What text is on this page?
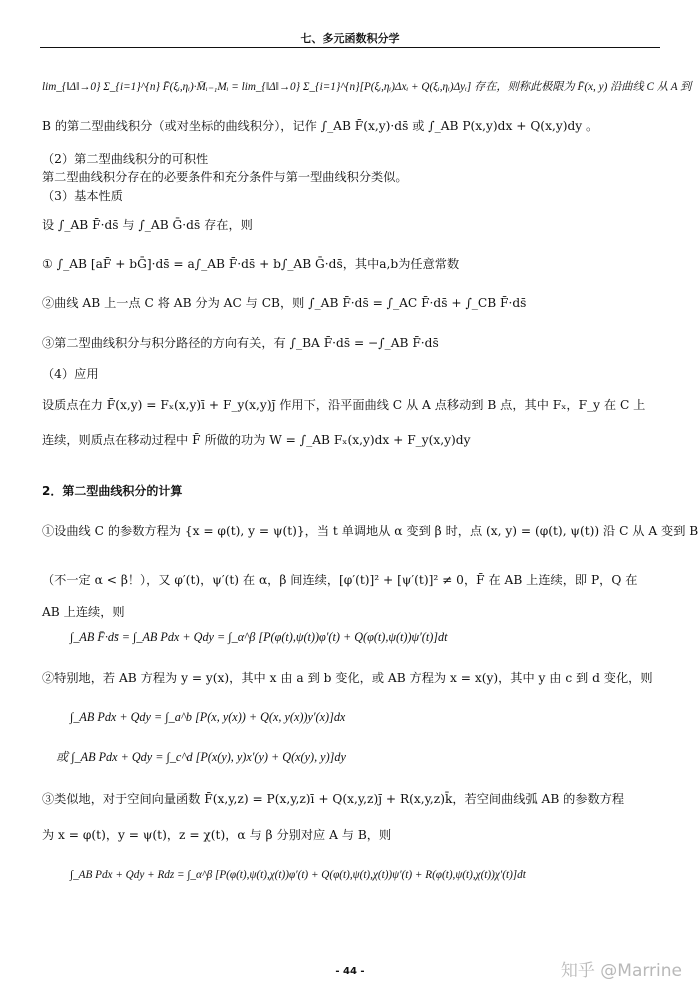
七、多元函数积分学
lim_{‖Δ‖→0} Σ_{i=1}^{n} F̄(ξᵢ,ηᵢ)·M̄ᵢ₋₁Mᵢ = lim_{‖Δ‖→0} Σ_{i=1}^{n}[P(ξᵢ,ηᵢ)Δxᵢ + Q(ξᵢ,ηᵢ)Δyᵢ] 存在，则称此极限为 F̄(x, y) 沿曲线 C 从 A 到
B 的第二型曲线积分（或对坐标的曲线积分），记作 ∫_AB F̄(x,y)·ds̄ 或 ∫_AB P(x,y)dx + Q(x,y)dy 。
（2）第二型曲线积分的可积性
第二型曲线积分存在的必要条件和充分条件与第一型曲线积分类似。
（3）基本性质
设 ∫_AB F̄·ds̄ 与 ∫_AB Ḡ·ds̄ 存在，则
① ∫_AB [aF̄ + bḠ]·ds̄ = a∫_AB F̄·ds̄ + b∫_AB Ḡ·ds̄，其中a,b为任意常数
②曲线 AB 上一点 C 将 AB 分为 AC 与 CB，则 ∫_AB F̄·ds̄ = ∫_AC F̄·ds̄ + ∫_CB F̄·ds̄
③第二型曲线积分与积分路径的方向有关，有 ∫_BA F̄·ds̄ = −∫_AB F̄·ds̄
（4）应用
设质点在力 F̄(x,y) = Fₓ(x,y)ī + F_y(x,y)j̄ 作用下，沿平面曲线 C 从 A 点移动到 B 点，其中 Fₓ，F_y 在 C 上
连续，则质点在移动过程中 F̄ 所做的功为 W = ∫_AB Fₓ(x,y)dx + F_y(x,y)dy
2．第二型曲线积分的计算
①设曲线 C 的参数方程为 {x = φ(t), y = ψ(t)}，当 t 单调地从 α 变到 β 时，点 (x, y) = (φ(t), ψ(t)) 沿 C 从 A 变到 B
（不一定 α < β！），又 φ′(t)，ψ′(t) 在 α，β 间连续，[φ′(t)]² + [ψ′(t)]² ≠ 0，F̄ 在 AB 上连续，即 P，Q 在
AB 上连续，则
∫_AB F̄·ds̄ = ∫_AB Pdx + Qdy = ∫_α^β [P(φ(t),ψ(t))φ′(t) + Q(φ(t),ψ(t))ψ′(t)]dt
②特别地，若 AB 方程为 y = y(x)，其中 x 由 a 到 b 变化，或 AB 方程为 x = x(y)，其中 y 由 c 到 d 变化，则
∫_AB Pdx + Qdy = ∫_a^b [P(x, y(x)) + Q(x, y(x))y′(x)]dx
或 ∫_AB Pdx + Qdy = ∫_c^d [P(x(y), y)x′(y) + Q(x(y), y)]dy
③类似地，对于空间向量函数 F̄(x,y,z) = P(x,y,z)ī + Q(x,y,z)j̄ + R(x,y,z)k̄，若空间曲线弧 AB 的参数方程
为 x = φ(t)，y = ψ(t)，z = χ(t)，α 与 β 分别对应 A 与 B，则
∫_AB Pdx + Qdy + Rdz = ∫_α^β [P(φ(t),ψ(t),χ(t))φ′(t) + Q(φ(t),ψ(t),χ(t))ψ′(t) + R(φ(t),ψ(t),χ(t))χ′(t)]dt
- 44 -	知乎 @Marrine
